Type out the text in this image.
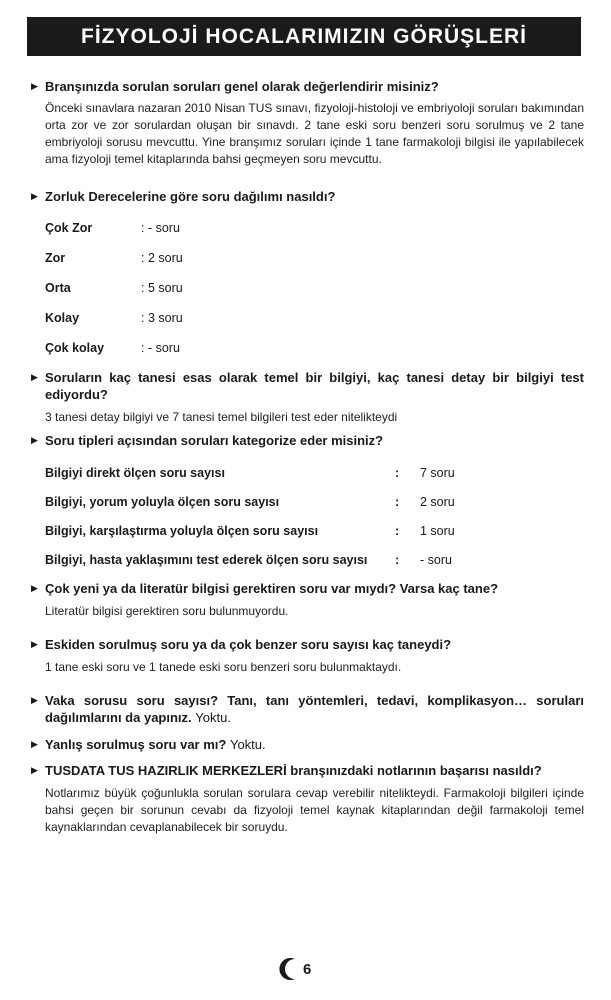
FİZYOLOJİ HOCALARIMIZIN GÖRÜŞLERİ
▶ Branşınızda sorulan soruları genel olarak değerlendirir misiniz?
Önceki sınavlara nazaran 2010 Nisan TUS sınavı, fizyoloji-histoloji ve embriyoloji soruları bakımından orta zor ve zor sorulardan oluşan bir sınavdı. 2 tane eski soru benzeri soru sorulmuş ve 2 tane embriyoloji sorusu mevcuttu. Yine branşımız soruları içinde 1 tane farmakoloji bilgisi ile yapılabilecek ama fizyoloji temel kitaplarında bahsi geçmeyen soru mevcuttu.
▶ Zorluk Derecelerine göre soru dağılımı nasıldı?
Çok Zor	: - soru
Zor	: 2 soru
Orta	: 5 soru
Kolay	: 3 soru
Çok kolay	: - soru
▶ Soruların kaç tanesi esas olarak temel bir bilgiyi, kaç tanesi detay bir bilgiyi test ediyordu?
3 tanesi detay bilgiyi ve 7 tanesi temel bilgileri test eder nitelikteydi
▶ Soru tipleri açısından soruları kategorize eder misiniz?
Bilgiyi direkt ölçen soru sayısı	:	7 soru
Bilgiyi, yorum yoluyla ölçen soru sayısı	:	2 soru
Bilgiyi, karşılaştırma yoluyla ölçen soru sayısı	:	1 soru
Bilgiyi, hasta yaklaşımını test ederek ölçen soru sayısı	:	- soru
▶ Çok yeni ya da literatür bilgisi gerektiren soru var mıydı? Varsa kaç tane?
Literatür bilgisi gerektiren soru bulunmuyordu.
▶ Eskiden sorulmuş soru ya da çok benzer soru sayısı kaç taneydi?
1 tane eski soru ve 1 tanede eski soru benzeri soru bulunmaktaydı.
▶ Vaka sorusu soru sayısı? Tanı, tanı yöntemleri, tedavi, komplikasyon… soruları dağılımlarını da yapınız. Yoktu.
▶ Yanlış sorulmuş soru var mı? Yoktu.
▶ TUSDATA TUS HAZIRLIK MERKEZLERİ branşınızdaki notlarının başarısı nasıldı?
Notlarımız büyük çoğunlukla sorulan sorulara cevap verebilir nitelikteydi. Farmakoloji bilgileri içinde bahsi geçen bir sorunun cevabı da fizyoloji temel kaynak kitaplarından değil farmakoloji temel kaynaklarından cevaplanabilecek bir soruydu.
6
